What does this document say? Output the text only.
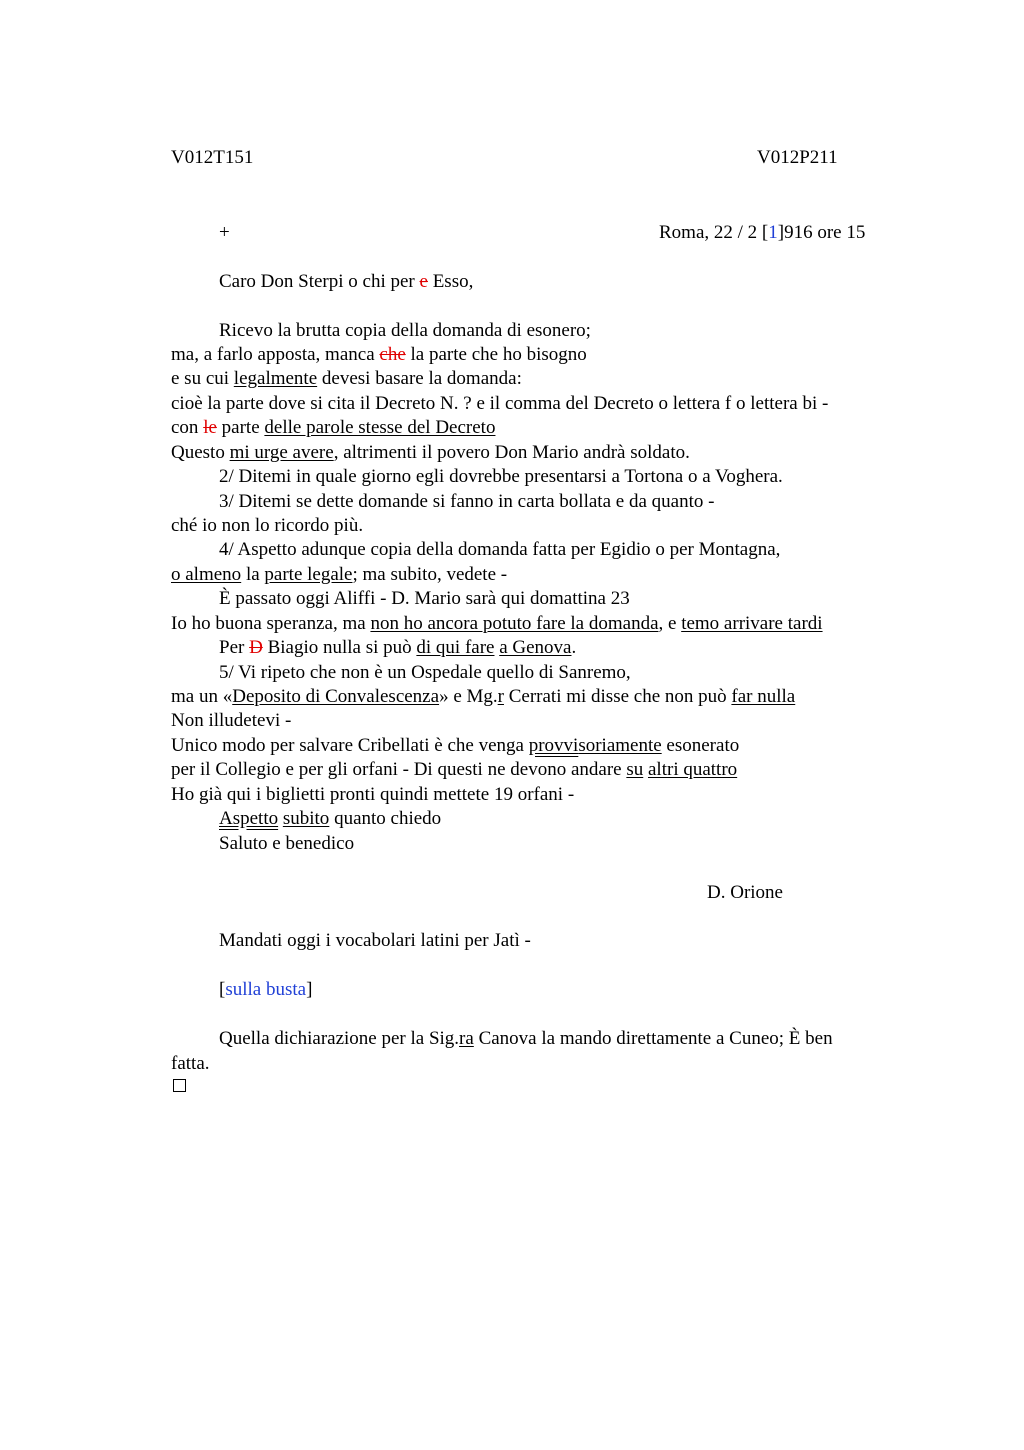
V012T151	V012P211
+	Roma, 22 / 2 [1]916 ore 15
Caro Don Sterpi o chi per e Esso,
Ricevo la brutta copia della domanda di esonero;
ma, a farlo apposta, manca che la parte che ho bisogno
e su cui legalmente devesi basare la domanda:
cioè la parte dove si cita il Decreto N. ? e il comma del Decreto o lettera f o lettera bi -
con le parte delle parole stesse del Decreto
Questo mi urge avere, altrimenti il povero Don Mario andrà soldato.
2/ Ditemi in quale giorno egli dovrebbe presentarsi a Tortona o a Voghera.
3/ Ditemi se dette domande si fanno in carta bollata e da quanto -
ché io non lo ricordo più.
4/ Aspetto adunque copia della domanda fatta per Egidio o per Montagna,
o almeno la parte legale; ma subito, vedete -
È passato oggi Aliffi - D. Mario sarà qui domattina 23
Io ho buona speranza, ma non ho ancora potuto fare la domanda, e temo arrivare tardi
Per D Biagio nulla si può di qui fare a Genova.
5/ Vi ripeto che non è un Ospedale quello di Sanremo,
ma un «Deposito di Convalescenza» e Mg.r Cerrati mi disse che non può far nulla
Non illudetevi -
Unico modo per salvare Cribellati è che venga provvisoriamente esonerato
per il Collegio e per gli orfani - Di questi ne devono andare su altri quattro
Ho già qui i biglietti pronti quindi mettete 19 orfani -
Aspetto subito quanto chiedo
Saluto e benedico
D. Orione
Mandati oggi i vocabolari latini per Jatì -
[sulla busta]
Quella dichiarazione per la Sig.ra Canova la mando direttamente a Cuneo; È ben
fatta.
